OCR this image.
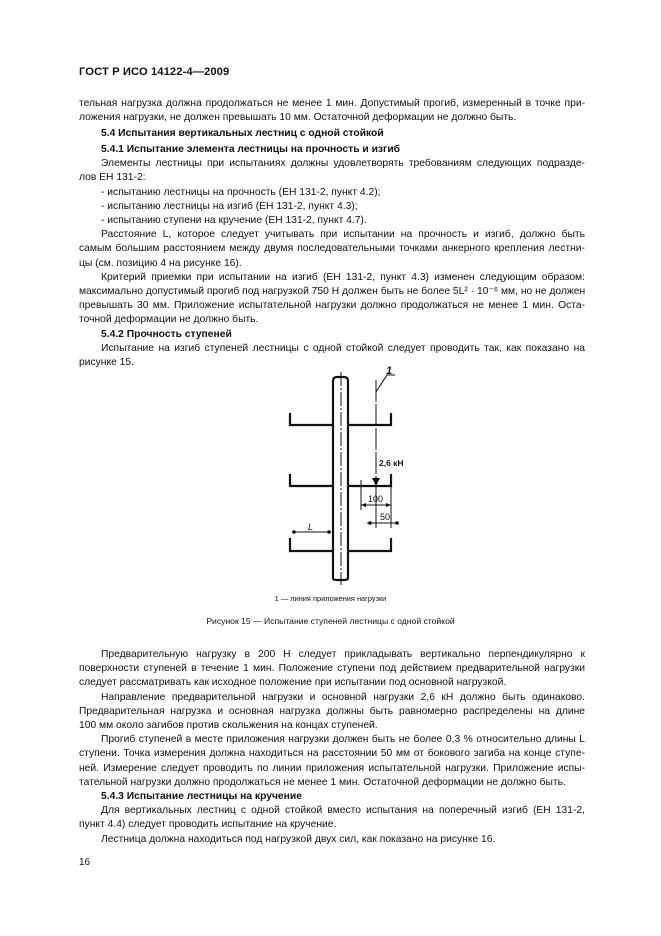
ГОСТ Р ИСО 14122-4—2009
тельная нагрузка должна продолжаться не менее 1 мин. Допустимый прогиб, измеренный в точке при-
ложения нагрузки, не должен превышать 10 мм. Остаточной деформации не должно быть.
5.4 Испытания вертикальных лестниц с одной стойкой
5.4.1 Испытание элемента лестницы на прочность и изгиб
Элементы лестницы при испытаниях должны удовлетворять требованиям следующих подразде-
лов ЕН 131-2:
- испытанию лестницы на прочность (ЕН 131-2, пункт 4.2);
- испытанию лестницы на изгиб (ЕН 131-2, пункт 4.3);
- испытанию ступени на кручение (ЕН 131-2, пункт 4.7).
Расстояние L, которое следует учитывать при испытании на прочность и изгиб, должно быть
самым большим расстоянием между двумя последовательными точками анкерного крепления лестни-
цы (см. позицию 4 на рисунке 16).
Критерий приемки при испытании на изгиб (ЕН 131-2, пункт 4.3) изменен следующим образом:
максимально допустимый прогиб под нагрузкой 750 Н должен быть не более 5L² · 10⁻⁶ мм, но не должен
превышать 30 мм. Приложение испытательной нагрузки должно продолжаться не менее 1 мин. Оста-
точной деформации не должно быть.
5.4.2 Прочность ступеней
Испытание на изгиб ступеней лестницы с одной стойкой следует проводить так, как показано на
рисунке 15.
1
2,6 кН
100
50
L
1 — линия приложения нагрузки
Рисунок 15 — Испытание ступеней лестницы с одной стойкой
Предварительную нагрузку в 200 Н следует прикладывать вертикально перпендикулярно к
поверхности ступеней в течение 1 мин. Положение ступени под действием предварительной нагрузки
следует рассматривать как исходное положение при испытании под основной нагрузкой.
Направление предварительной нагрузки и основной нагрузки 2,6 кН должно быть одинаково.
Предварительная нагрузка и основная нагрузка должны быть равномерно распределены на длине
100 мм около загибов против скольжения на концах ступеней.
Прогиб ступеней в месте приложения нагрузки должен быть не более 0,3 % относительно длины L
ступени. Точка измерения должна находиться на расстоянии 50 мм от бокового загиба на конце ступе-
ней. Измерение следует проводить по линии приложения испытательной нагрузки. Приложение испы-
тательной нагрузки должно продолжаться не менее 1 мин. Остаточной деформации не должно быть.
5.4.3 Испытание лестницы на кручение
Для вертикальных лестниц с одной стойкой вместо испытания на поперечный изгиб (ЕН 131-2,
пункт 4.4) следует проводить испытание на кручение.
Лестница должна находиться под нагрузкой двух сил, как показано на рисунке 16.
16
